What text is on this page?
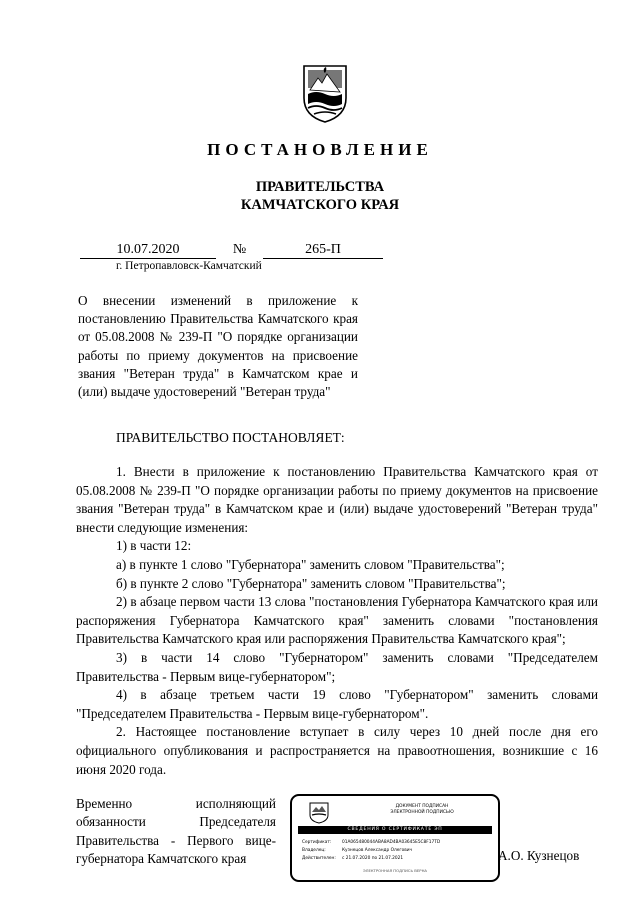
ПОСТАНОВЛЕНИЕ
ПРАВИТЕЛЬСТВА
КАМЧАТСКОГО КРАЯ
10.07.2020	№	265-П
г. Петропавловск-Камчатский
О внесении изменений в приложение к постановлению Правительства Камчатского края от 05.08.2008 № 239-П "О порядке организации работы по приему документов на присвоение звания "Ветеран труда" в Камчатском крае и (или) выдаче удостоверений "Ветеран труда"
ПРАВИТЕЛЬСТВО ПОСТАНОВЛЯЕТ:

1. Внести в приложение к постановлению Правительства Камчатского края от 05.08.2008 № 239-П "О порядке организации работы по приему документов на присвоение звания "Ветеран труда" в Камчатском крае и (или) выдаче удостоверений "Ветеран труда" внести следующие изменения:

1) в части 12:

а) в пункте 1 слово "Губернатора" заменить словом "Правительства";

б) в пункте 2 слово "Губернатора" заменить словом "Правительства";

2) в абзаце первом части 13 слова "постановления Губернатора Камчатского края или распоряжения Губернатора Камчатского края" заменить словами "постановления Правительства Камчатского края или распоряжения Правительства Камчатского края";

3) в части 14 слово "Губернатором" заменить словами "Председателем Правительства - Первым вице-губернатором";

4) в абзаце третьем части 19 слово "Губернатором" заменить словами "Председателем Правительства - Первым вице-губернатором".

2. Настоящее постановление вступает в силу через 10 дней после дня его официального опубликования и распространяется на правоотношения, возникшие с 16 июня 2020 года.

Временно исполняющий обязанности Председателя Правительства - Первого вице-губернатора Камчатского края
ДОКУМЕНТ ПОДПИСАН
ЭЛЕКТРОННОЙ ПОДПИСЬЮ
СВЕДЕНИЯ О СЕРТИФИКАТЕ ЭП
Сертификат: 01A065480044ABA8AD4BA03645E5C8F17TD
Владелец:	Кузнецов Александр Олегович
Действителен: с 21.07.2020 по 21.07.2021
ЭЛЕКТРОННАЯ ПОДПИСЬ ВЕРНА
А.О. Кузнецов
